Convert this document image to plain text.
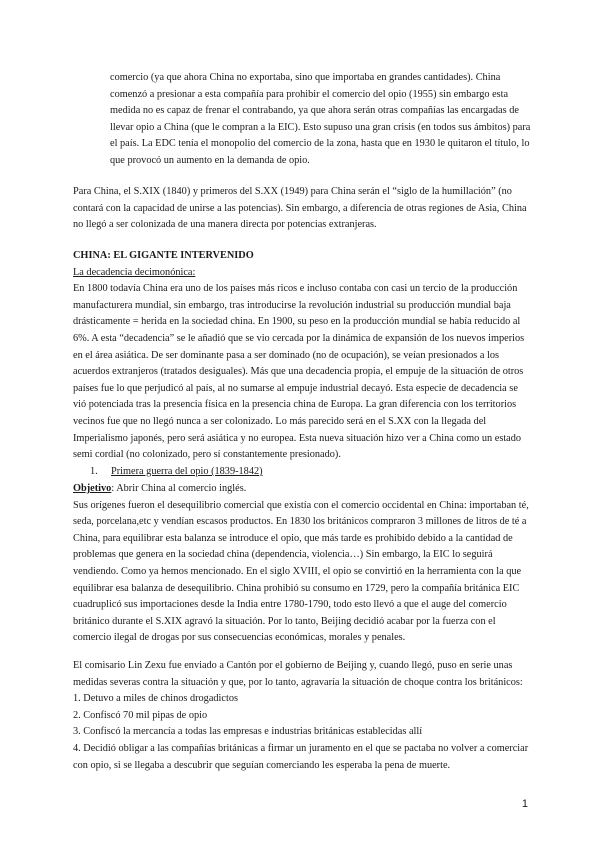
comercio (ya que ahora China no exportaba, sino que importaba en grandes cantidades). China comenzó a presionar a esta compañía para prohibir el comercio del opio (1955) sin embargo esta medida no es capaz de frenar el contrabando, ya que ahora serán otras compañías las encargadas de llevar opio a China (que le compran a la EIC). Esto supuso una gran crisis (en todos sus ámbitos) para el país. La EDC tenía el monopolio del comercio de la zona, hasta que en 1930 le quitaron el título, lo que provocó un aumento en la demanda de opio.

Para China, el S.XIX (1840) y primeros del S.XX (1949) para China serán el “siglo de la humillación” (no contará con la capacidad de unirse a las potencias). Sin embargo, a diferencia de otras regiones de Asia, China no llegó a ser colonizada de una manera directa por potencias extranjeras.

CHINA: EL GIGANTE INTERVENIDO

La decadencia decimonónica:

En 1800 todavía China era uno de los países más ricos e incluso contaba con casi un tercio de la producción manufacturera mundial, sin embargo, tras introducirse la revolución industrial su producción mundial baja drásticamente = herida en la sociedad china. En 1900, su peso en la producción mundial se había reducido al 6%. A esta “decadencia” se le añadió que se vio cercada por la dinámica de expansión de los nuevos imperios en el área asiática. De ser dominante pasa a ser dominado (no de ocupación), se veían presionados a los acuerdos extranjeros (tratados desiguales). Más que una decadencia propia, el empuje de la situación de otros países fue lo que perjudicó al país, al no sumarse al empuje industrial decayó. Esta especie de decadencia se vió potenciada tras la presencia física en la presencia china de Europa. La gran diferencia con los territorios vecinos fue que no llegó nunca a ser colonizado. Lo más parecido será en el S.XX con la llegada del Imperialismo japonés, pero será asiática y no europea. Esta nueva situación hizo ver a China como un estado semi cordial (no colonizado, pero sí constantemente presionado).

1. Primera guerra del opio (1839-1842)

Objetivo: Abrir China al comercio inglés.

Sus orígenes fueron el desequilibrio comercial que existía con el comercio occidental en China: importaban té, seda, porcelana,etc y vendían escasos productos. En 1830 los británicos compraron 3 millones de litros de té a China, para equilibrar esta balanza se introduce el opio, que más tarde es prohibido debido a la cantidad de problemas que genera en la sociedad china (dependencia, violencia…) Sin embargo, la EIC lo seguirá vendiendo. Como ya hemos mencionado. En el siglo XVIII, el opio se convirtió en la herramienta con la que equilibrar esa balanza de desequilibrio. China prohibió su consumo en 1729, pero la compañía británica EIC cuadruplicó sus importaciones desde la India entre 1780-1790, todo esto llevó a que el auge del comercio británico durante el S.XIX agravó la situación. Por lo tanto, Beijing decidió acabar por la fuerza con el comercio ilegal de drogas por sus consecuencias económicas, morales y penales.

El comisario Lin Zexu fue enviado a Cantón por el gobierno de Beijing y, cuando llegó, puso en serie unas medidas severas contra la situación y que, por lo tanto, agravaría la situación de choque contra los británicos:

1. Detuvo a miles de chinos drogadictos
2. Confiscó 70 mil pipas de opio
3. Confiscó la mercancía a todas las empresas e industrias británicas establecidas allí
4. Decidió obligar a las compañías británicas a firmar un juramento en el que se pactaba no volver a comerciar con opio, si se llegaba a descubrir que seguían comerciando les esperaba la pena de muerte.
1
